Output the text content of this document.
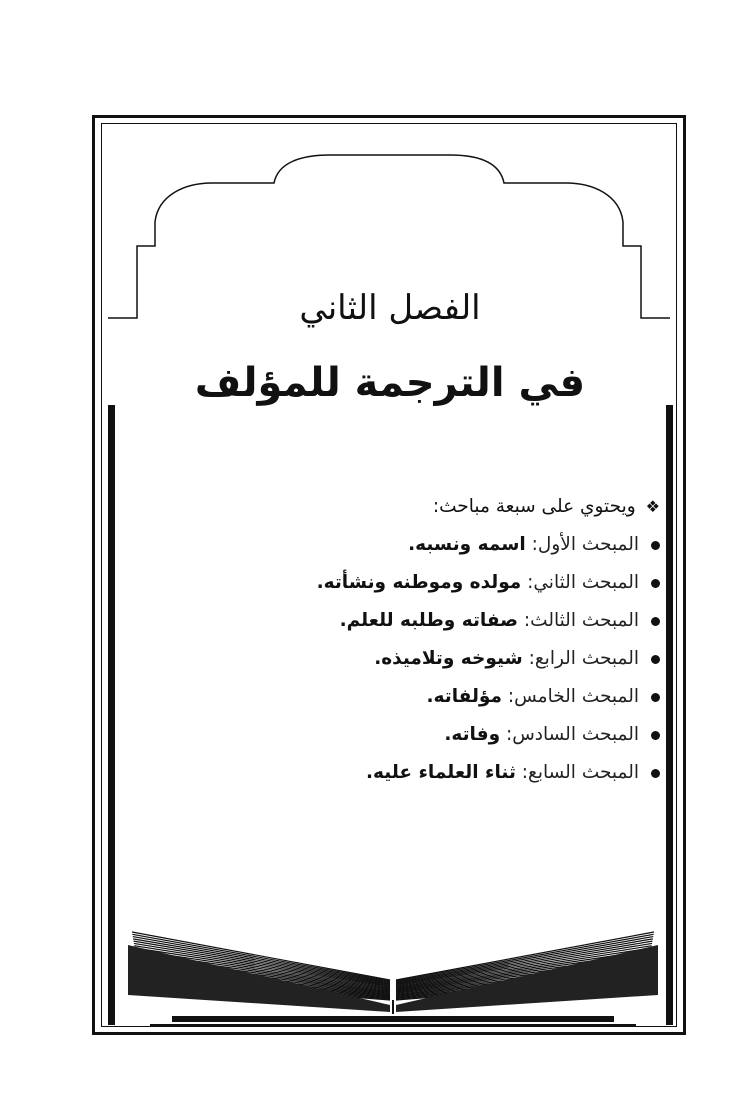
الفصل الثاني
في الترجمة للمؤلف
❖ويحتوي على سبعة مباحث:
المبحث الأول: اسمه ونسبه.
المبحث الثاني: مولده وموطنه ونشأته.
المبحث الثالث: صفاته وطلبه للعلم.
المبحث الرابع: شيوخه وتلاميذه.
المبحث الخامس: مؤلفاته.
المبحث السادس: وفاته.
المبحث السابع: ثناء العلماء عليه.
